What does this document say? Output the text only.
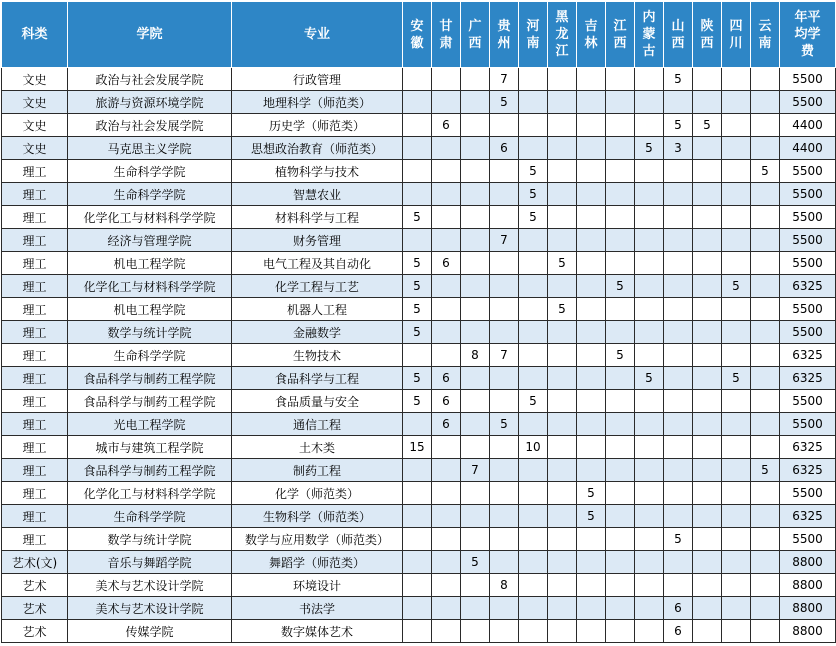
科类	学院	专业	安徽	甘肃	广西	贵州	河南	黑龙江	吉林	江西	内蒙古	山西	陕西	四川	云南	年平均学费
文史	政治与社会发展学院	行政管理				7						5				5500
文史	旅游与资源环境学院	地理科学（师范类）				5										5500
文史	政治与社会发展学院	历史学（师范类）		6								5	5			4400
文史	马克思主义学院	思想政治教育（师范类）				6					5	3				4400
理工	生命科学学院	植物科学与技术					5								5	5500
理工	生命科学学院	智慧农业					5									5500
理工	化学化工与材料科学学院	材料科学与工程	5				5									5500
理工	经济与管理学院	财务管理				7										5500
理工	机电工程学院	电气工程及其自动化	5	6				5								5500
理工	化学化工与材料科学学院	化学工程与工艺	5							5				5		6325
理工	机电工程学院	机器人工程	5					5								5500
理工	数学与统计学院	金融数学	5													5500
理工	生命科学学院	生物技术			8	7				5						6325
理工	食品科学与制药工程学院	食品科学与工程	5	6							5			5		6325
理工	食品科学与制药工程学院	食品质量与安全	5	6			5									5500
理工	光电工程学院	通信工程		6		5										5500
理工	城市与建筑工程学院	土木类	15				10									6325
理工	食品科学与制药工程学院	制药工程			7										5	6325
理工	化学化工与材料科学学院	化学（师范类）							5							5500
理工	生命科学学院	生物科学（师范类）							5							6325
理工	数学与统计学院	数学与应用数学（师范类）										5				5500
艺术(文)	音乐与舞蹈学院	舞蹈学（师范类）			5											8800
艺术	美术与艺术设计学院	环境设计				8										8800
艺术	美术与艺术设计学院	书法学										6				8800
艺术	传媒学院	数字媒体艺术										6				8800
